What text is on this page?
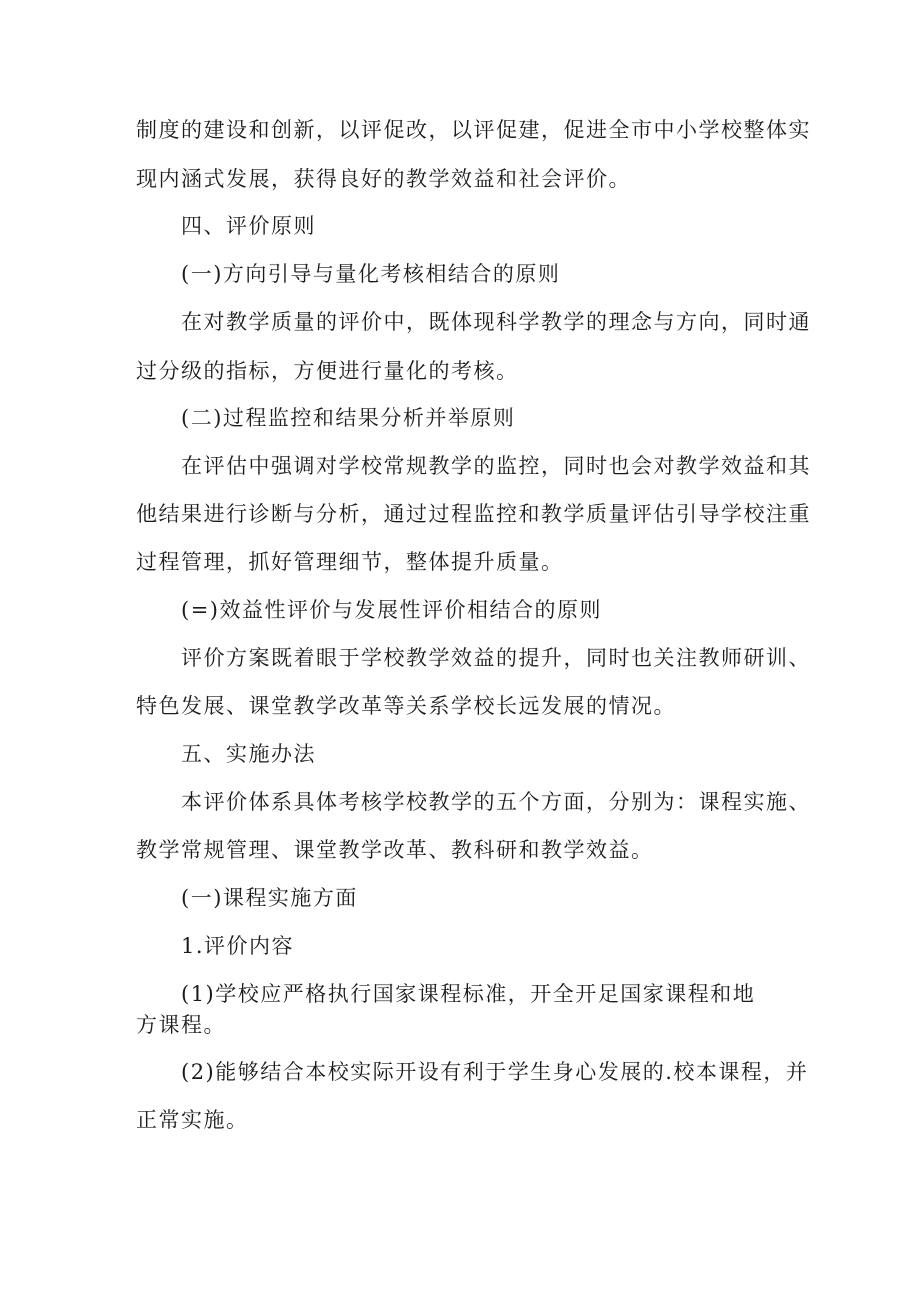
制度的建设和创新，以评促改，以评促建，促进全市中小学校整体实
现内涵式发展，获得良好的教学效益和社会评价。
四、评价原则
(一)方向引导与量化考核相结合的原则
在对教学质量的评价中，既体现科学教学的理念与方向，同时通
过分级的指标，方便进行量化的考核。
(二)过程监控和结果分析并举原则
在评估中强调对学校常规教学的监控，同时也会对教学效益和其
他结果进行诊断与分析，通过过程监控和教学质量评估引导学校注重
过程管理，抓好管理细节，整体提升质量。
(=)效益性评价与发展性评价相结合的原则
评价方案既着眼于学校教学效益的提升，同时也关注教师研训、
特色发展、课堂教学改革等关系学校长远发展的情况。
五、实施办法
本评价体系具体考核学校教学的五个方面，分别为：课程实施、
教学常规管理、课堂教学改革、教科研和教学效益。
(一)课程实施方面
1.评价内容
(1)学校应严格执行国家课程标准，开全开足国家课程和地
方课程。
(2)能够结合本校实际开设有利于学生身心发展的.校本课程，并
正常实施。
